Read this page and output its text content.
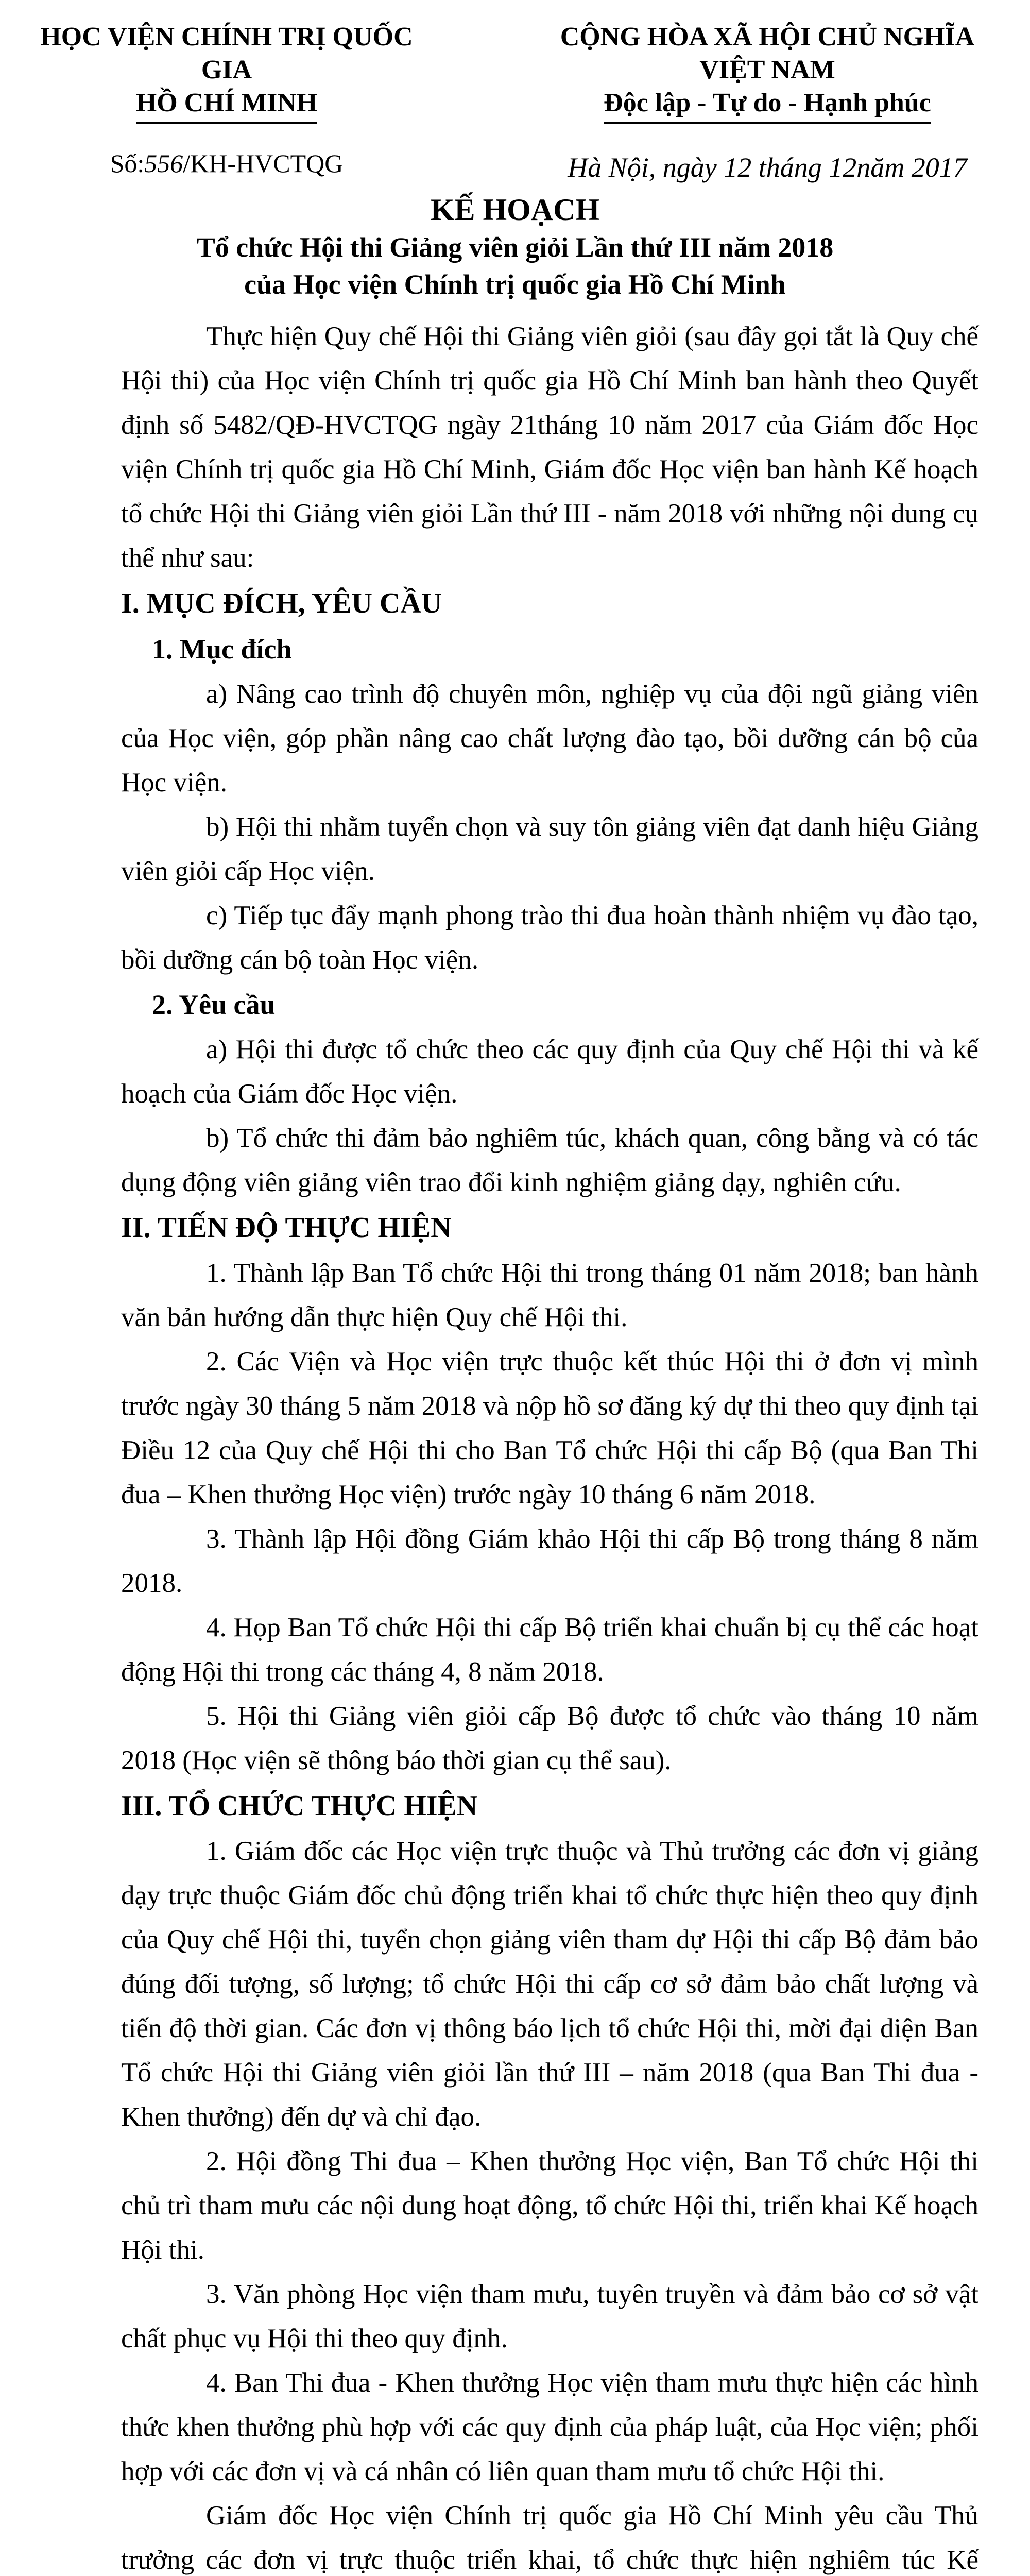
HỌC VIỆN CHÍNH TRỊ QUỐC GIA
HỒ CHÍ MINH
Số:556/KH-HVCTQG
CỘNG HÒA XÃ HỘI CHỦ NGHĨA VIỆT NAM
Độc lập - Tự do - Hạnh phúc
Hà Nội, ngày 12 tháng 12năm 2017
KẾ HOẠCH
Tổ chức Hội thi Giảng viên giỏi Lần thứ III năm 2018
của Học viện Chính trị quốc gia Hồ Chí Minh

Thực hiện Quy chế Hội thi Giảng viên giỏi (sau đây gọi tắt là Quy chế Hội thi) của Học viện Chính trị quốc gia Hồ Chí Minh ban hành theo Quyết định số 5482/QĐ-HVCTQG ngày 21tháng 10 năm 2017 của Giám đốc Học viện Chính trị quốc gia Hồ Chí Minh, Giám đốc Học viện ban hành Kế hoạch tổ chức Hội thi Giảng viên giỏi Lần thứ III - năm 2018 với những nội dung cụ thể như sau:

I. MỤC ĐÍCH, YÊU CẦU

1. Mục đích

a) Nâng cao trình độ chuyên môn, nghiệp vụ của đội ngũ giảng viên của Học viện, góp phần nâng cao chất lượng đào tạo, bồi dưỡng cán bộ của Học viện.

b) Hội thi nhằm tuyển chọn và suy tôn giảng viên đạt danh hiệu Giảng viên giỏi cấp Học viện.

c) Tiếp tục đẩy mạnh phong trào thi đua hoàn thành nhiệm vụ đào tạo, bồi dưỡng cán bộ toàn Học viện.

2. Yêu cầu

a) Hội thi được tổ chức theo các quy định của Quy chế Hội thi và kế hoạch của Giám đốc Học viện.

b) Tổ chức thi đảm bảo nghiêm túc, khách quan, công bằng và có tác dụng động viên giảng viên trao đổi kinh nghiệm giảng dạy, nghiên cứu.

II. TIẾN ĐỘ THỰC HIỆN

1. Thành lập Ban Tổ chức Hội thi trong tháng 01 năm 2018; ban hành văn bản hướng dẫn thực hiện Quy chế Hội thi.

2. Các Viện và Học viện trực thuộc kết thúc Hội thi ở đơn vị mình trước ngày 30 tháng 5 năm 2018 và nộp hồ sơ đăng ký dự thi theo quy định tại Điều 12 của Quy chế Hội thi cho Ban Tổ chức Hội thi cấp Bộ (qua Ban Thi đua – Khen thưởng Học viện) trước ngày 10 tháng 6 năm 2018.

3. Thành lập Hội đồng Giám khảo Hội thi cấp Bộ trong tháng 8 năm 2018.

4. Họp Ban Tổ chức Hội thi cấp Bộ triển khai chuẩn bị cụ thể các hoạt động Hội thi trong các tháng 4, 8 năm 2018.

5. Hội thi Giảng viên giỏi cấp Bộ được tổ chức vào tháng 10 năm 2018 (Học viện sẽ thông báo thời gian cụ thể sau).

III. TỔ CHỨC THỰC HIỆN

1. Giám đốc các Học viện trực thuộc và Thủ trưởng các đơn vị giảng dạy trực thuộc Giám đốc chủ động triển khai tổ chức thực hiện theo quy định của Quy chế Hội thi, tuyển chọn giảng viên tham dự Hội thi cấp Bộ đảm bảo đúng đối tượng, số lượng; tổ chức Hội thi cấp cơ sở đảm bảo chất lượng và tiến độ thời gian. Các đơn vị thông báo lịch tổ chức Hội thi, mời đại diện Ban Tổ chức Hội thi Giảng viên giỏi lần thứ III – năm 2018 (qua Ban Thi đua - Khen thưởng) đến dự và chỉ đạo.

2. Hội đồng Thi đua – Khen thưởng Học viện, Ban Tổ chức Hội thi chủ trì tham mưu các nội dung hoạt động, tổ chức Hội thi, triển khai Kế hoạch Hội thi.

3. Văn phòng Học viện tham mưu, tuyên truyền và đảm bảo cơ sở vật chất phục vụ Hội thi theo quy định.

4. Ban Thi đua - Khen thưởng Học viện tham mưu thực hiện các hình thức khen thưởng phù hợp với các quy định của pháp luật, của Học viện; phối hợp với các đơn vị và cá nhân có liên quan tham mưu tổ chức Hội thi.

Giám đốc Học viện Chính trị quốc gia Hồ Chí Minh yêu cầu Thủ trưởng các đơn vị trực thuộc triển khai, tổ chức thực hiện nghiêm túc Kế
